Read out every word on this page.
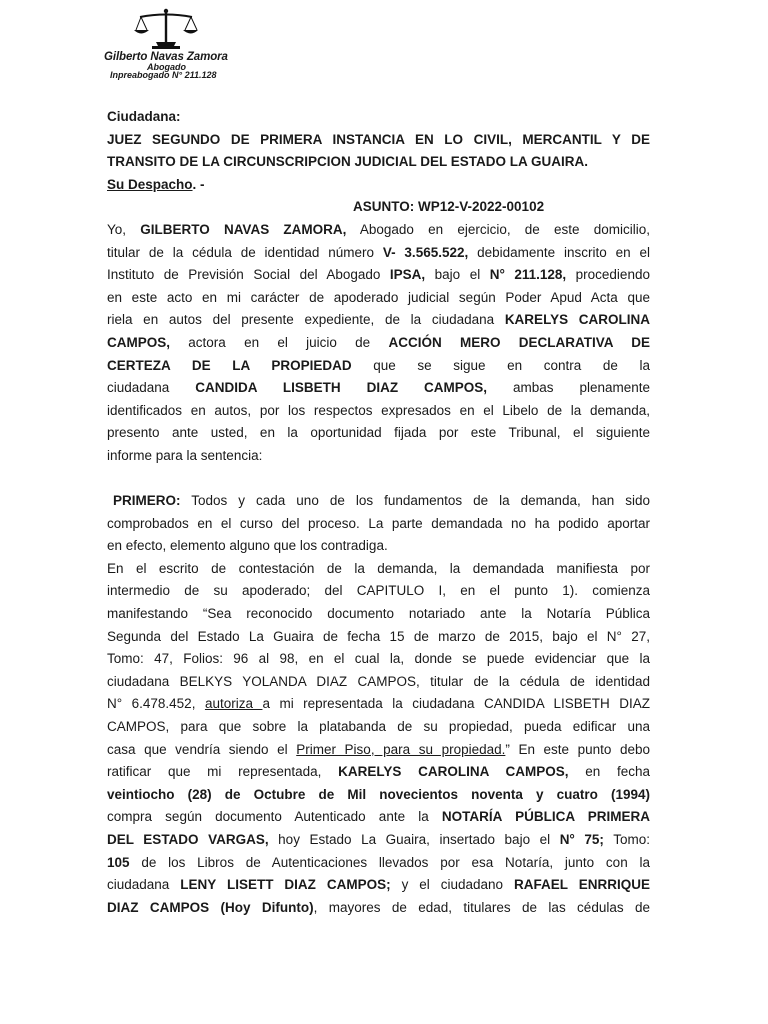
Gilberto Navas Zamora
Abogado
Inpreabogado N° 211.128
Ciudadana:
JUEZ SEGUNDO DE PRIMERA INSTANCIA EN LO CIVIL, MERCANTIL Y DE
TRANSITO DE LA CIRCUNSCRIPCION JUDICIAL DEL ESTADO LA GUAIRA.
Su Despacho. -
ASUNTO: WP12-V-2022-00102
Yo, GILBERTO NAVAS ZAMORA, Abogado en ejercicio, de este domicilio,
titular de la cédula de identidad número V- 3.565.522, debidamente inscrito en el
Instituto de Previsión Social del Abogado IPSA, bajo el N° 211.128, procediendo
en este acto en mi carácter de apoderado judicial según Poder Apud Acta que
riela en autos del presente expediente, de la ciudadana KARELYS CAROLINA
CAMPOS, actora en el juicio de ACCIÓN MERO DECLARATIVA DE
CERTEZA DE LA PROPIEDAD que se sigue en contra de la
ciudadana CANDIDA LISBETH DIAZ CAMPOS, ambas plenamente
identificados en autos, por los respectos expresados en el Libelo de la demanda,
presento ante usted, en la oportunidad fijada por este Tribunal, el siguiente
informe para la sentencia:
PRIMERO: Todos y cada uno de los fundamentos de la demanda, han sido
comprobados en el curso del proceso. La parte demandada no ha podido aportar
en efecto, elemento alguno que los contradiga.
En el escrito de contestación de la demanda, la demandada manifiesta por
intermedio de su apoderado; del CAPITULO I, en el punto 1). comienza
manifestando “Sea reconocido documento notariado ante la Notaría Pública
Segunda del Estado La Guaira de fecha 15 de marzo de 2015, bajo el N° 27,
Tomo: 47, Folios: 96 al 98, en el cual la, donde se puede evidenciar que la
ciudadana BELKYS YOLANDA DIAZ CAMPOS, titular de la cédula de identidad
N° 6.478.452, autoriza a mi representada la ciudadana CANDIDA LISBETH DIAZ
CAMPOS, para que sobre la platabanda de su propiedad, pueda edificar una
casa que vendría siendo el Primer Piso, para su propiedad.” En este punto debo
ratificar que mi representada, KARELYS CAROLINA CAMPOS, en fecha
veintiocho (28) de Octubre de Mil novecientos noventa y cuatro (1994)
compra según documento Autenticado ante la NOTARÍA PÚBLICA PRIMERA
DEL ESTADO VARGAS, hoy Estado La Guaira, insertado bajo el N° 75; Tomo:
105 de los Libros de Autenticaciones llevados por esa Notaría, junto con la
ciudadana LENY LISETT DIAZ CAMPOS; y el ciudadano RAFAEL ENRRIQUE
DIAZ CAMPOS (Hoy Difunto), mayores de edad, titulares de las cédulas de
